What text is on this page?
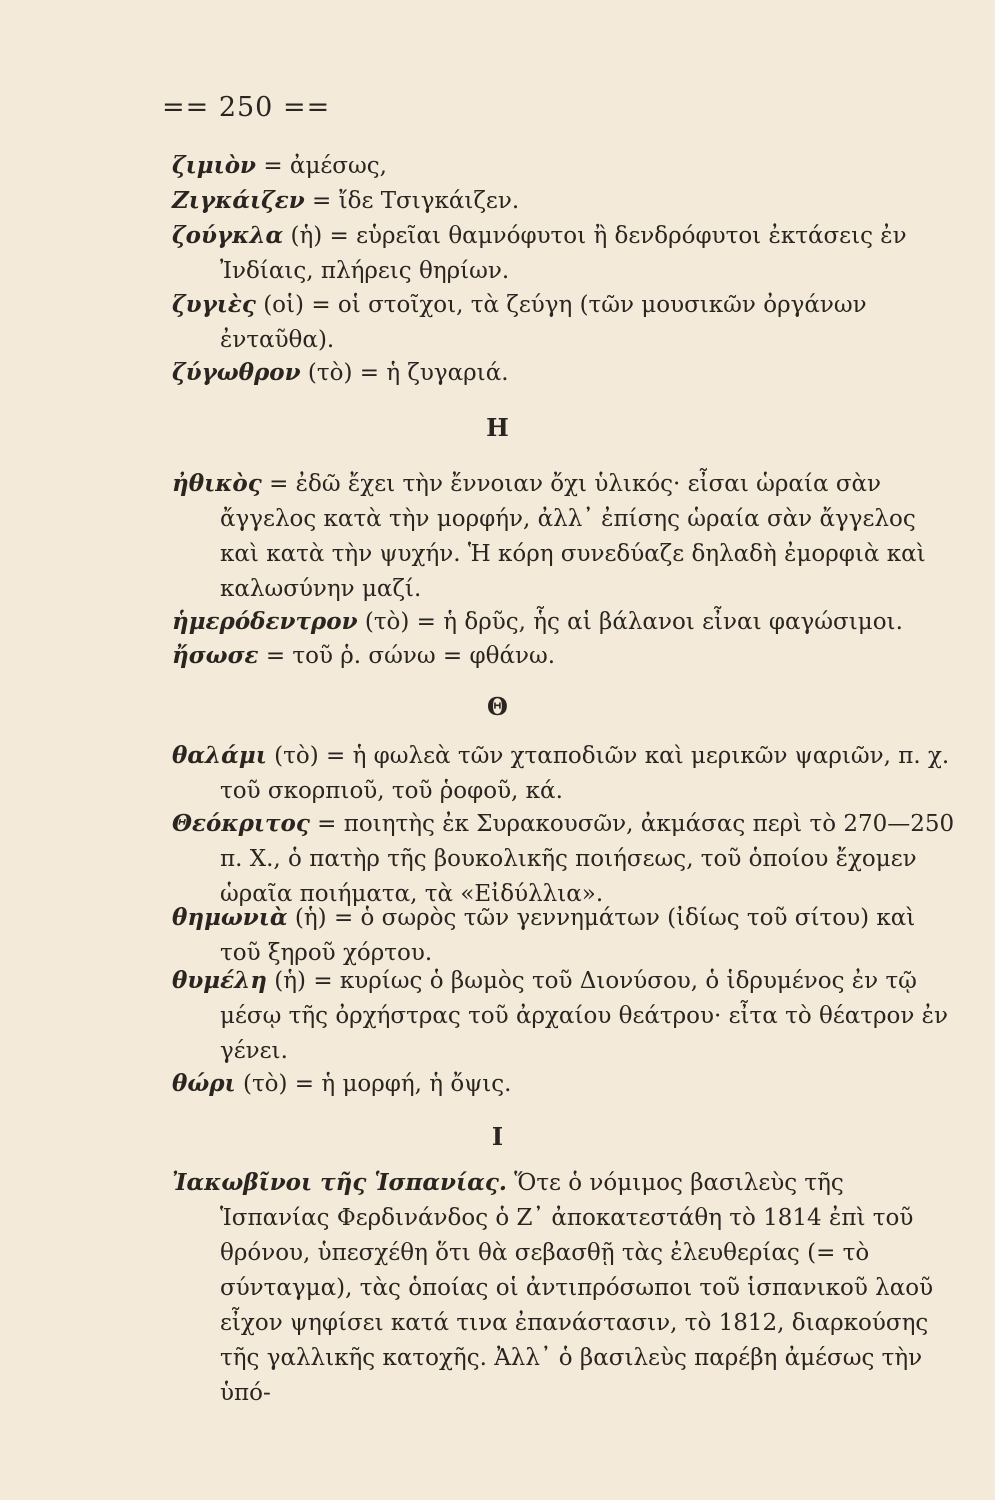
== 250 ==
ζιμιὸν = ἀμέσως,
Ζιγκάιζεν = ἴδε Τσιγκάιζεν.
ζούγκλα (ἡ) = εὑρεῖαι θαμνόφυτοι ἢ δενδρόφυτοι ἐκτάσεις ἐν Ἰνδίαις, πλήρεις θηρίων.
ζυγιὲς (οἱ) = οἱ στοῖχοι, τὰ ζεύγη (τῶν μουσικῶν ὀργάνων ἐνταῦθα).
ζύγωθρον (τὸ) = ἡ ζυγαριά.
Η
ἠθικὸς = ἐδῶ ἔχει τὴν ἔννοιαν ὄχι ὑλικός· εἶσαι ὡραία σὰν ἄγγελος κατὰ τὴν μορφήν, ἀλλ᾽ ἐπίσης ὡραία σὰν ἄγγελος καὶ κατὰ τὴν ψυχήν. Ἡ κόρη συνεδύαζε δηλαδὴ ἐμορφιὰ καὶ καλωσύνην μαζί.
ἡμερόδεντρον (τὸ) = ἡ δρῦς, ἧς αἱ βάλανοι εἶναι φαγώσιμοι.
ἤσωσε = τοῦ ῥ. σώνω = φθάνω.
Θ
θαλάμι (τὸ) = ἡ φωλεὰ τῶν χταποδιῶν καὶ μερικῶν ψαριῶν, π. χ. τοῦ σκορπιοῦ, τοῦ ῥοφοῦ, κά.
Θεόκριτος = ποιητὴς ἐκ Συρακουσῶν, ἀκμάσας περὶ τὸ 270—250 π. Χ., ὁ πατὴρ τῆς βουκολικῆς ποιήσεως, τοῦ ὁποίου ἔχομεν ὡραῖα ποιήματα, τὰ «Εἰδύλλια».
θημωνιὰ (ἡ) = ὁ σωρὸς τῶν γεννημάτων (ἰδίως τοῦ σίτου) καὶ τοῦ ξηροῦ χόρτου.
θυμέλη (ἡ) = κυρίως ὁ βωμὸς τοῦ Διονύσου, ὁ ἱδρυμένος ἐν τῷ μέσῳ τῆς ὀρχήστρας τοῦ ἀρχαίου θεάτρου· εἶτα τὸ θέατρον ἐν γένει.
θώρι (τὸ) = ἡ μορφή, ἡ ὄψις.
Ι
Ἰακωβῖνοι τῆς Ἱσπανίας. Ὅτε ὁ νόμιμος βασιλεὺς τῆς Ἱσπανίας Φερδινάνδος ὁ Ζ᾽ ἀποκατεστάθη τὸ 1814 ἐπὶ τοῦ θρόνου, ὑπεσχέθη ὅτι θὰ σεβασθῇ τὰς ἐλευθερίας (= τὸ σύνταγμα), τὰς ὁποίας οἱ ἀντιπρόσωποι τοῦ ἱσπανικοῦ λαοῦ εἶχον ψηφίσει κατά τινα ἐπανάστασιν, τὸ 1812, διαρκούσης τῆς γαλλικῆς κατοχῆς. Ἀλλ᾽ ὁ βασιλεὺς παρέβη ἀμέσως τὴν ὑπό-
